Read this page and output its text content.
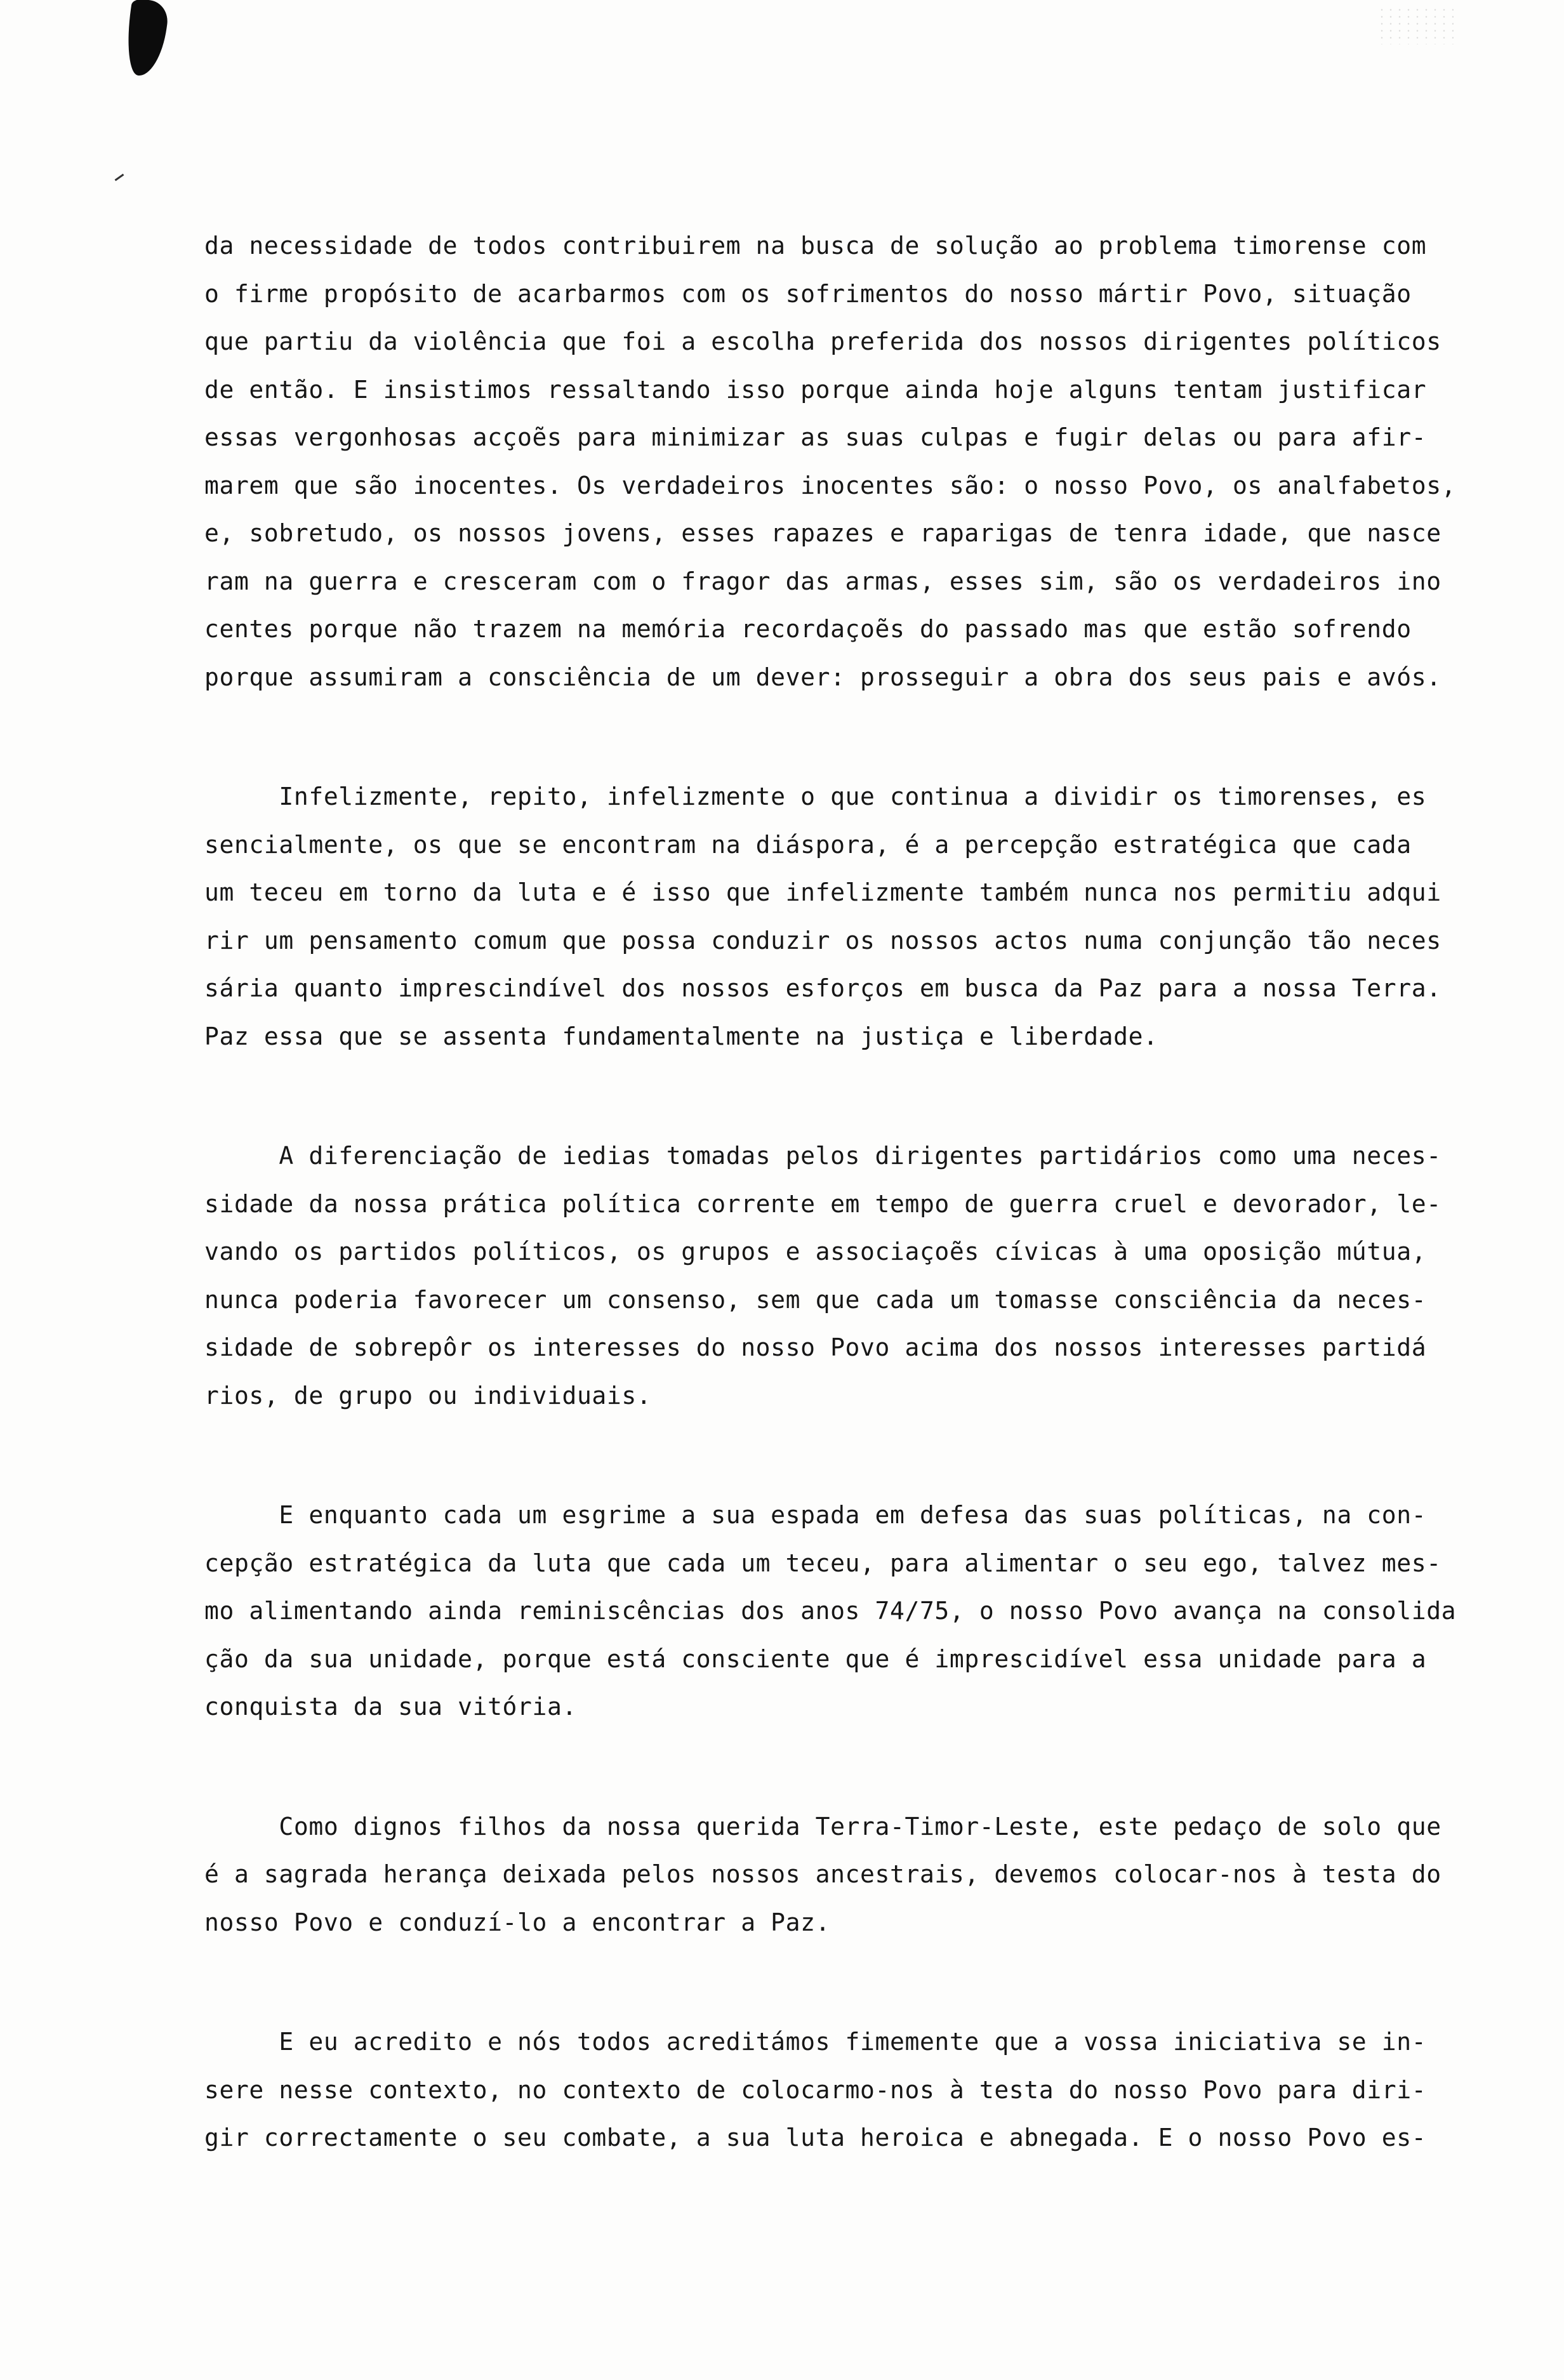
da necessidade de todos contribuirem na busca de solução ao problema timorense com
o firme propósito de acarbarmos com os sofrimentos do nosso mártir Povo, situação
que partiu da violência que foi a escolha preferida dos nossos dirigentes políticos
de então. E insistimos ressaltando isso porque ainda hoje alguns tentam justificar
essas vergonhosas acçoẽs para minimizar as suas culpas e fugir delas ou para afir-
marem que são inocentes. Os verdadeiros inocentes são: o nosso Povo, os analfabetos,
e, sobretudo, os nossos jovens, esses rapazes e raparigas de tenra idade, que nasce
ram na guerra e cresceram com o fragor das armas, esses sim, são os verdadeiros ino
centes porque não trazem na memória recordaçoẽs do passado mas que estão sofrendo
porque assumiram a consciência de um dever: prosseguir a obra dos seus pais e avós.
Infelizmente, repito, infelizmente o que continua a dividir os timorenses, es
sencialmente, os que se encontram na diáspora, é a percepção estratégica que cada
um teceu em torno da luta e é isso que infelizmente também nunca nos permitiu adqui
rir um pensamento comum que possa conduzir os nossos actos numa conjunção tão neces
sária quanto imprescindível dos nossos esforços em busca da Paz para a nossa Terra.
Paz essa que se assenta fundamentalmente na justiça e liberdade.
A diferenciação de iedias tomadas pelos dirigentes partidários como uma neces-
sidade da nossa prática política corrente em tempo de guerra cruel e devorador, le-
vando os partidos políticos, os grupos e associaçoẽs cívicas à uma oposição mútua,
nunca poderia favorecer um consenso, sem que cada um tomasse consciência da neces-
sidade de sobrepôr os interesses do nosso Povo acima dos nossos interesses partidá
rios, de grupo ou individuais.
E enquanto cada um esgrime a sua espada em defesa das suas políticas, na con-
cepção estratégica da luta que cada um teceu, para alimentar o seu ego, talvez mes-
mo alimentando ainda reminiscências dos anos 74/75, o nosso Povo avança na consolida
ção da sua unidade, porque está consciente que é imprescidível essa unidade para a
conquista da sua vitória.
Como dignos filhos da nossa querida Terra-Timor-Leste, este pedaço de solo que
é a sagrada herança deixada pelos nossos ancestrais, devemos colocar-nos à testa do
nosso Povo e conduzí-lo a encontrar a Paz.
E eu acredito e nós todos acreditámos fimemente que a vossa iniciativa se in-
sere nesse contexto, no contexto de colocarmo-nos à testa do nosso Povo para diri-
gir correctamente o seu combate, a sua luta heroica e abnegada. E o nosso Povo es-
